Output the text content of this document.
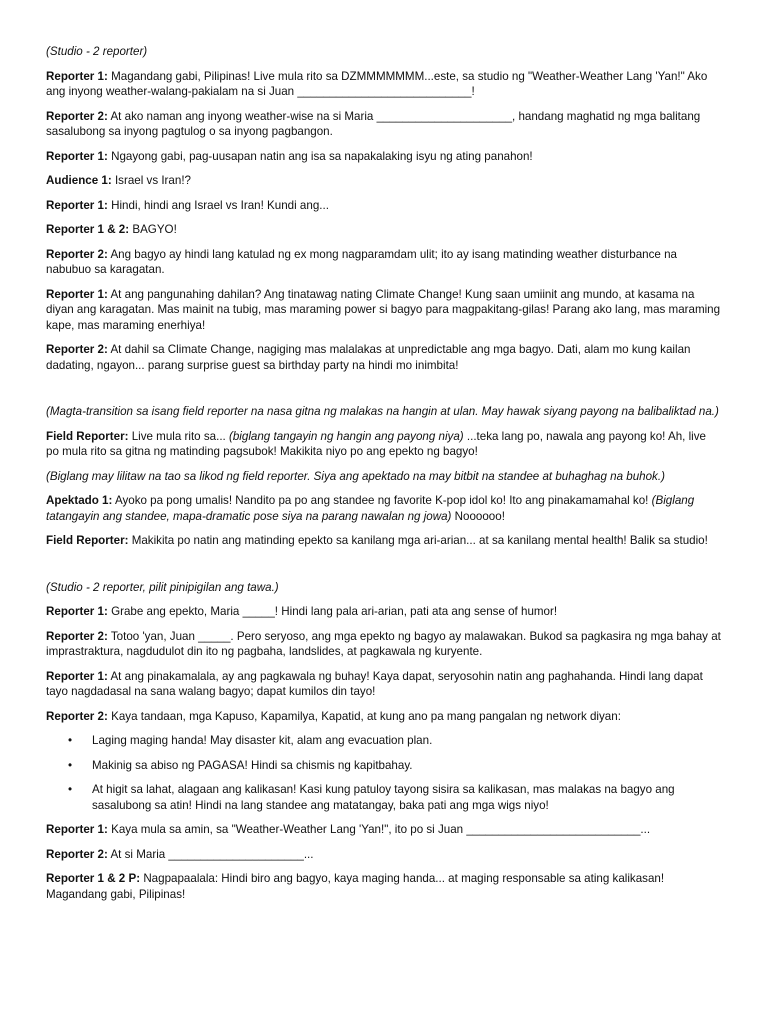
(Studio - 2 reporter)

Reporter 1: Magandang gabi, Pilipinas! Live mula rito sa DZMMMMMMM...este, sa studio ng "Weather-Weather Lang 'Yan!" Ako ang inyong weather-walang-pakialam na si Juan ___________________________!

Reporter 2: At ako naman ang inyong weather-wise na si Maria _____________________, handang maghatid ng mga balitang sasalubong sa inyong pagtulog o sa inyong pagbangon.

Reporter 1: Ngayong gabi, pag-uusapan natin ang isa sa napakalaking isyu ng ating panahon!

Audience 1: Israel vs Iran!?

Reporter 1: Hindi, hindi ang Israel vs Iran! Kundi ang...

Reporter 1 & 2: BAGYO!

Reporter 2: Ang bagyo ay hindi lang katulad ng ex mong nagparamdam ulit; ito ay isang matinding weather disturbance na nabubuo sa karagatan.

Reporter 1: At ang pangunahing dahilan? Ang tinatawag nating Climate Change! Kung saan umiinit ang mundo, at kasama na diyan ang karagatan. Mas mainit na tubig, mas maraming power si bagyo para magpakitang-gilas! Parang ako lang, mas maraming kape, mas maraming enerhiya!

Reporter 2: At dahil sa Climate Change, nagiging mas malalakas at unpredictable ang mga bagyo. Dati, alam mo kung kailan dadating, ngayon... parang surprise guest sa birthday party na hindi mo inimbita!

(Magta-transition sa isang field reporter na nasa gitna ng malakas na hangin at ulan. May hawak siyang payong na balibaliktad na.)

Field Reporter: Live mula rito sa... (biglang tangayin ng hangin ang payong niya) ...teka lang po, nawala ang payong ko! Ah, live po mula rito sa gitna ng matinding pagsubok! Makikita niyo po ang epekto ng bagyo!

(Biglang may lilitaw na tao sa likod ng field reporter. Siya ang apektado na may bitbit na standee at buhaghag na buhok.)

Apektado 1: Ayoko pa pong umalis! Nandito pa po ang standee ng favorite K-pop idol ko! Ito ang pinakamamahal ko! (Biglang tatangayin ang standee, mapa-dramatic pose siya na parang nawalan ng jowa) Noooooo!

Field Reporter: Makikita po natin ang matinding epekto sa kanilang mga ari-arian... at sa kanilang mental health! Balik sa studio!

(Studio - 2 reporter, pilit pinipigilan ang tawa.)

Reporter 1: Grabe ang epekto, Maria _____! Hindi lang pala ari-arian, pati ata ang sense of humor!

Reporter 2: Totoo 'yan, Juan _____. Pero seryoso, ang mga epekto ng bagyo ay malawakan. Bukod sa pagkasira ng mga bahay at imprastraktura, nagdudulot din ito ng pagbaha, landslides, at pagkawala ng kuryente.

Reporter 1: At ang pinakamalala, ay ang pagkawala ng buhay! Kaya dapat, seryosohin natin ang paghahanda. Hindi lang dapat tayo nagdadasal na sana walang bagyo; dapat kumilos din tayo!

Reporter 2: Kaya tandaan, mga Kapuso, Kapamilya, Kapatid, at kung ano pa mang pangalan ng network diyan:

• Laging maging handa! May disaster kit, alam ang evacuation plan.
• Makinig sa abiso ng PAGASA! Hindi sa chismis ng kapitbahay.
• At higit sa lahat, alagaan ang kalikasan! Kasi kung patuloy tayong sisira sa kalikasan, mas malakas na bagyo ang sasalubong sa atin! Hindi na lang standee ang matatangay, baka pati ang mga wigs niyo!

Reporter 1: Kaya mula sa amin, sa "Weather-Weather Lang 'Yan!", ito po si Juan ___________________________...

Reporter 2: At si Maria _____________________...

Reporter 1 & 2 P: Nagpapaalala: Hindi biro ang bagyo, kaya maging handa... at maging responsable sa ating kalikasan! Magandang gabi, Pilipinas!
